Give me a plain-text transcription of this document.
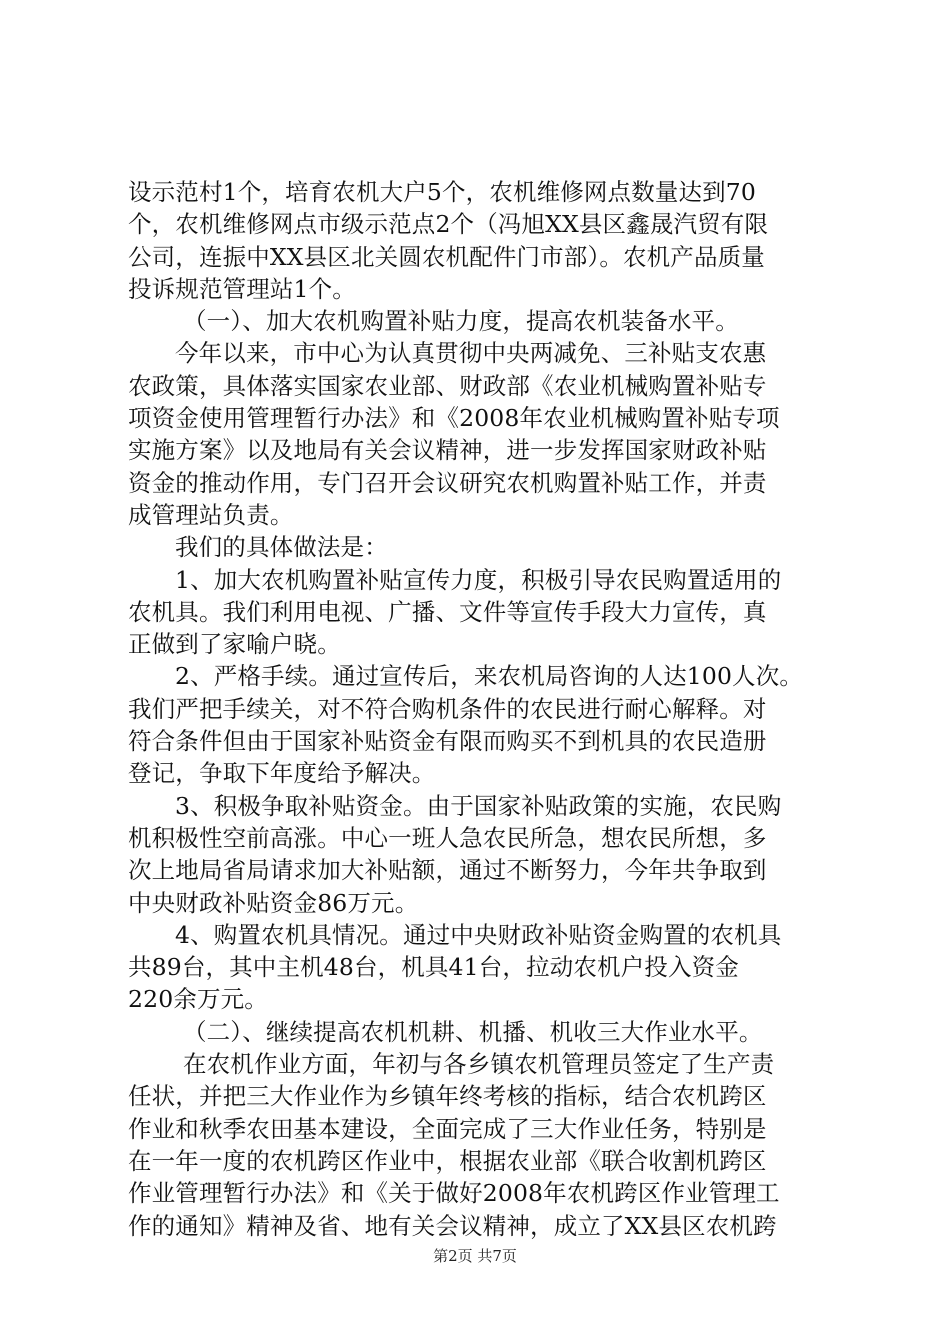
设示范村1个，培育农机大户5个，农机维修网点数量达到70
个，农机维修网点市级示范点2个（冯旭XX县区鑫晟汽贸有限
公司，连振中XX县区北关圆农机配件门市部）。农机产品质量
投诉规范管理站1个。
（一）、加大农机购置补贴力度，提高农机装备水平。
今年以来，市中心为认真贯彻中央两减免、三补贴支农惠
农政策，具体落实国家农业部、财政部《农业机械购置补贴专
项资金使用管理暂行办法》和《2008年农业机械购置补贴专项
实施方案》以及地局有关会议精神，进一步发挥国家财政补贴
资金的推动作用，专门召开会议研究农机购置补贴工作，并责
成管理站负责。
我们的具体做法是：
1、加大农机购置补贴宣传力度，积极引导农民购置适用的
农机具。我们利用电视、广播、文件等宣传手段大力宣传，真
正做到了家喻户晓。
2、严格手续。通过宣传后，来农机局咨询的人达100人次。
我们严把手续关，对不符合购机条件的农民进行耐心解释。对
符合条件但由于国家补贴资金有限而购买不到机具的农民造册
登记，争取下年度给予解决。
3、积极争取补贴资金。由于国家补贴政策的实施，农民购
机积极性空前高涨。中心一班人急农民所急，想农民所想，多
次上地局省局请求加大补贴额，通过不断努力，今年共争取到
中央财政补贴资金86万元。
4、购置农机具情况。通过中央财政补贴资金购置的农机具
共89台，其中主机48台，机具41台，拉动农机户投入资金
220余万元。
（二）、继续提高农机机耕、机播、机收三大作业水平。
在农机作业方面，年初与各乡镇农机管理员签定了生产责
任状，并把三大作业作为乡镇年终考核的指标，结合农机跨区
作业和秋季农田基本建设，全面完成了三大作业任务，特别是
在一年一度的农机跨区作业中，根据农业部《联合收割机跨区
作业管理暂行办法》和《关于做好2008年农机跨区作业管理工
作的通知》精神及省、地有关会议精神，成立了XX县区农机跨
第2页 共7页
